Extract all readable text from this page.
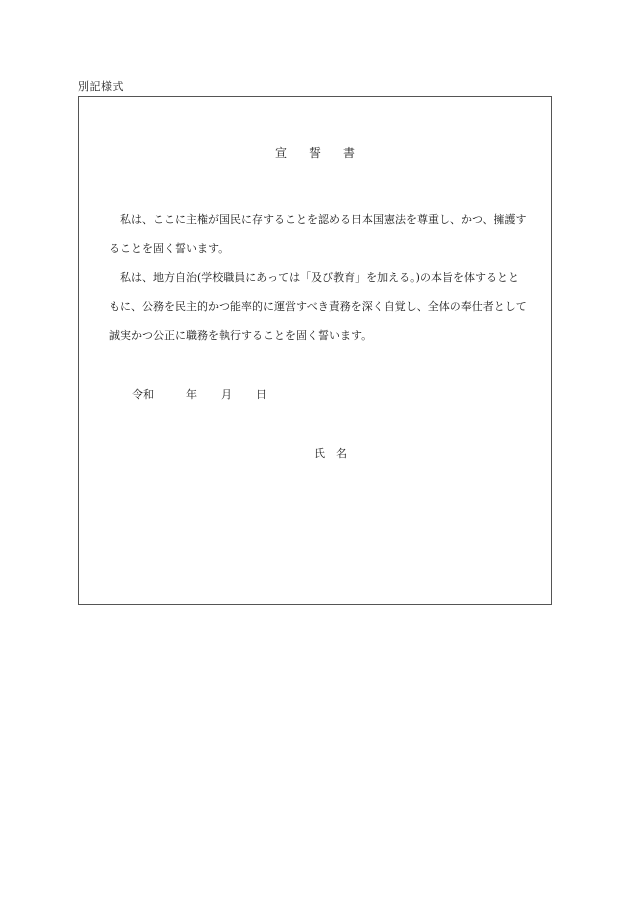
別記様式
宣 誓 書

私は、ここに主権が国民に存することを認める日本国憲法を尊重し、かつ、擁護することを固く誓います。

私は、地方自治(学校職員にあっては「及び教育」を加える。)の本旨を体するとともに、公務を民主的かつ能率的に運営すべき責務を深く自覚し、全体の奉仕者として誠実かつ公正に職務を執行することを固く誓います。

令和	年 月 日
氏　名
